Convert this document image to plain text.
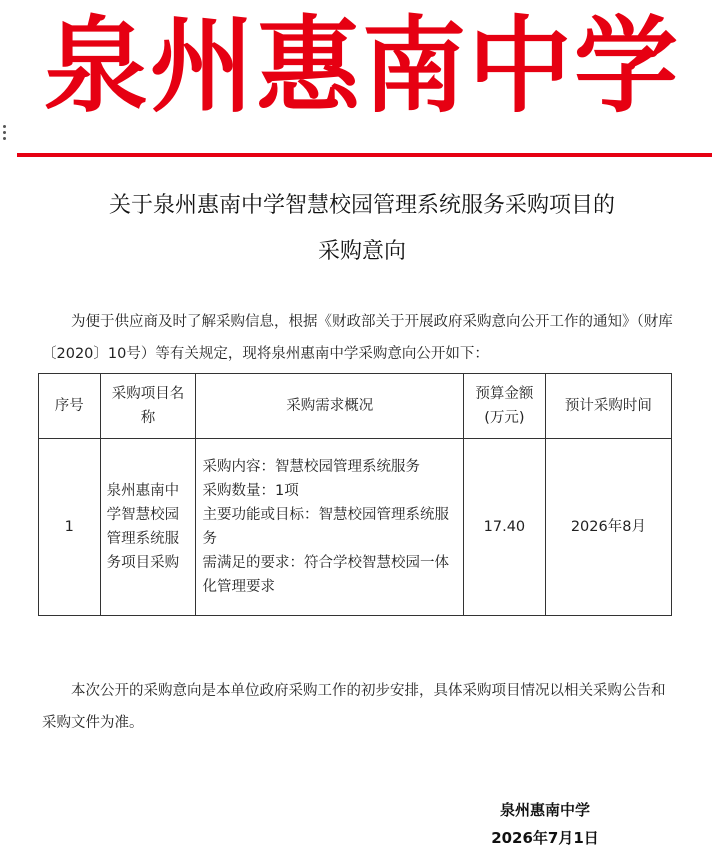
泉州惠南中学
关于泉州惠南中学智慧校园管理系统服务采购项目的
采购意向
为便于供应商及时了解采购信息，根据《财政部关于开展政府采购意向公开工作的通知》（财库〔2020〕10号）等有关规定，现将泉州惠南中学采购意向公开如下：
序号	采购项目名称	采购需求概况	预算金额(万元)	预计采购时间
1	泉州惠南中学智慧校园管理系统服务项目采购	采购内容：智慧校园管理系统服务
采购数量：1项
主要功能或目标：智慧校园管理系统服务
需满足的要求：符合学校智慧校园一体化管理要求	17.40	2026年8月
本次公开的采购意向是本单位政府采购工作的初步安排，具体采购项目情况以相关采购公告和采购文件为准。
泉州惠南中学
2026年7月1日
